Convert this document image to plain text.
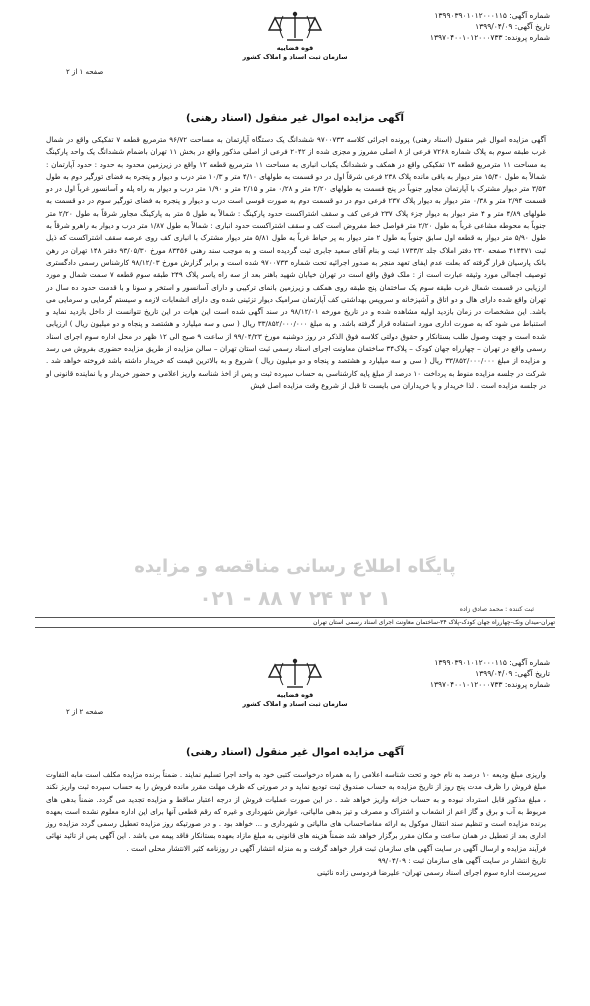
شماره آگهی: ۱۳۹۹۰۳۹۰۱۰۱۲۰۰۰۱۱۵
تاریخ آگهی: ۱۳۹۹/۰۴/۰۹
شماره پرونده: ۱۳۹۷۰۴۰۰۱۰۱۲۰۰۰۷۳۳
قوه قضاییه
سازمان ثبت اسناد و املاک کشور
صفحه ۱ از ۲
آگهی مزایده اموال غیر منقول (اسناد رهنی)

آگهی مزایده اموال غیر منقول (اسناد رهنی) پرونده اجرائی کلاسه ۹۷۰۰۷۳۳ ششدانگ یک دستگاه آپارتمان به مساحت ۹۶/۷۲ مترمربع قطعه ۷ تفکیکی واقع در شمال غرب طبقه سوم به پلاک شماره ۷۲۶۸ فرعی از ۸ اصلی مفروز و مجزی شده از ۲۰۴۲ فرعی از اصلی مذکور واقع در بخش ۱۱ تهران باضمام ششدانگ یک واحد پارکینگ به مساحت ۱۱ مترمربع قطعه ۱۳ تفکیکی واقع در همکف و ششدانگ یکباب انباری به مساحت ۱۱ مترمربع قطعه ۱۲ واقع در زیرزمین محدود به حدود : حدود آپارتمان : شمالاً به طول ۱۵/۴۰ متر دیوار به باقی مانده پلاک ۲۳۸ فرعی شرقاً اول در دو قسمت به طولهای ۴/۱۰ متر و ۱۰/۳ متر درب و دیوار و پنجره به فضای تورگیر دوم به طول ۳/۵۴ متر دیوار مشترک با آپارتمان مجاور جنوباً در پنج قسمت به طولهای ۲/۲۰ متر و ۰/۲۸ متر و ۲/۱۵ متر و ۱/۹۰ متر درب و دیوار به راه پله و آسانسور غرباً اول در دو قسمت ۲/۹۴ متر و ۰/۳۸ متر دیوار به دیوار پلاک ۲۳۷ فرعی دوم در دو قسمت دوم به صورت قوسی است درب و دیوار و پنجره به فضای تورگیر سوم در دو قسمت به طولهای ۴/۸۹ متر و ۴ متر دیوار به دیوار جزء پلاک ۲۳۷ فرعی کف و سقف اشتراکست حدود پارکینگ : شمالاً به طول ۵ متر به پارکینگ مجاور شرقاً به طول ۲/۲۰ متر جنوباً به محوطه مشاعی غرباً به طول ۲/۲۰ متر فواصل خط مفروض است کف و سقف اشتراکست حدود انباری : شمالاً به طول ۱/۸۷ متر درب و دیوار به راهرو شرقاً به طول ۵/۹۰ متر دیوار به قطعه اول سابق جنوباً به طول ۲ متر دیوار به پر حیاط غرباً به طول ۵/۸۱ متر دیوار مشترک با انباری کف روی عرصه سقف اشتراکست که ذیل ثبت ۴۱۴۳۷۱ صفحه ۲۳۰ دفتر املاک جلد ۱۷۳۳/۲ ثبت و بنام آقای سعید جابری ثبت گردیده است و به موجب سند رهنی ۸۳۴۵۶ مورخ ۹۳/۰۵/۳۰ دفتر ۱۴۸ تهران در رهن بانک پارسیان قرار گرفته که بعلت عدم ایفای تعهد منجر به صدور اجرائیه تحت شماره ۹۷۰۰۷۳۳ شده است و برابر گزارش مورخ ۹۸/۱۲/۰۳ کارشناس رسمی دادگستری توصیف اجمالی مورد وثیقه عبارت است از : ملک فوق واقع است در تهران خیابان شهید باهنر بعد از سه راه یاسر پلاک ۲۴۹ طبقه سوم قطعه ۷ سمت شمال و مورد ارزیابی در قسمت شمال غرب طبقه سوم یک ساختمان پنج طبقه روی همکف و زیرزمین بانمای ترکیبی و دارای آسانسور و استخر و سونا و با قدمت حدود ده سال در تهران واقع شده دارای هال و دو اتاق و آشپزخانه و سرویس بهداشتی کف آپارتمان سرامیک دیوار تزئینی شده وی دارای انشعابات لازمه و سیستم گرمایی و سرمایی می باشد. این مشخصات در زمان بازدید اولیه مشاهده شده و در تاریخ مورخه ۹۸/۱۲/۰۱ در سند آگهی شده است این هیات در این تاریخ تتوانست از داخل بازدید نماید و استنباط می شود که به صورت اداری مورد استفاده قرار گرفته باشد. و به مبلغ ۳۳/۸۵۲/۰۰۰/۰۰۰ ریال ( سی و سه میلیارد و هشتصد و پنجاه و دو میلیون ریال ) ارزیابی شده است و جهت وصول طلب بستانکار و حقوق دولتی کلاسه فوق الذکر در روز دوشنبه مورخ ۹۹/۰۴/۲۳ از ساعت ۹ صبح الی ۱۲ ظهر در محل اداره سوم اجرای اسناد رسمی واقع در تهران – چهارراه جهان کودک – پلاک۳۴ ساختمان معاونت اجرای اسناد رسمی ثبت استان تهران – سالن مزایده از طریق مزایده حضوری بفروش می رسد و مزایده از مبلغ ۳۳/۸۵۲/۰۰۰/۰۰۰ ریال ( سی و سه میلیارد و هشتصد و پنجاه و دو میلیون ریال ) شروع و به بالاترین قیمت که خریدار داشته باشد فروخته خواهد شد . شرکت در جلسه مزایده منوط به پرداخت ۱۰ درصد از مبلغ پایه کارشناسی به حساب سپرده ثبت و پس از اخذ شناسه واریز اعلامی و حضور خریدار و یا نماینده قانونی او در جلسه مزایده است . لذا خریدار و یا خریداران می بایست تا قبل از شروع وقت مزایده اصل فیش

پایگاه اطلاع رسانی مناقصه و مزایده
۰۲۱ - ۸۸ ۷ ۲۴ ۳ ۲ ۱	ثبت کننده : محمد صادق زاده
تهران-میدان ونک-چهارراه جهان کودک-پلاک ۳۴-ساختمان معاونت اجرای اسناد رسمی استان تهران
شماره آگهی: ۱۳۹۹۰۳۹۰۱۰۱۲۰۰۰۱۱۵
تاریخ آگهی: ۱۳۹۹/۰۴/۰۹
شماره پرونده: ۱۳۹۷۰۴۰۰۱۰۱۲۰۰۰۷۳۳
قوه قضاییه
سازمان ثبت اسناد و املاک کشور
صفحه ۲ از ۲
آگهی مزایده اموال غیر منقول (اسناد رهنی)

واریزی مبلغ ودیعه ۱۰ درصد به نام خود و تحت شناسه اعلامی را به همراه درخواست کتبی خود به واحد اجرا تسلیم نمایند . ضمناً برنده مزایده مکلف است مابه التفاوت مبلغ فروش را ظرف مدت پنج روز از تاریخ مزایده به حساب صندوق ثبت تودیع نماید و در صورتی که ظرف مهلت مقرر مانده فروش را به حساب سپرده ثبت واریز نکند ، مبلغ مذکور قابل استرداد نبوده و به حساب خزانه واریز خواهد شد . در این صورت عملیات فروش از درجه اعتبار ساقط و مزایده تجدید می گردد. ضمناً بدهی های مربوط به آب و برق و گاز اعم از انشعاب و اشتراک و مصرف و تیز بدهی مالیاتی، عوارض شهرداری و غیره که رقم قطعی آنها برای این اداره معلوم نشده است بعهده برنده مزایده است و تنظیم سند انتقال موکول به ارائه مفاصاحساب های مالیاتی و شهرداری و ... خواهد بود . و در صورتیکه روز مزایده تعطیل رسمی گردد مزایده روز اداری بعد از تعطیل در همان ساعت و مکان مقرر برگزار خواهد شد ضمناً هزینه های قانونی به مبلغ مازاد بعهده بستانکار فاقد پیمه می باشد . این آگهی پس از تائید نهائی فرآیند مزایده و ارسال آگهی در سایت آگهی های سازمان ثبت قرار خواهد گرفت و به منزله انتشار آگهی در روزنامه کثیر الانتشار محلی است .

تاریخ انتشار در سایت آگهی های سازمان ثبت : ۹۹/۰۴/۰۹

سرپرست اداره سوم اجرای اسناد رسمی تهران- علیرضا فردوسی زاده نائینی
